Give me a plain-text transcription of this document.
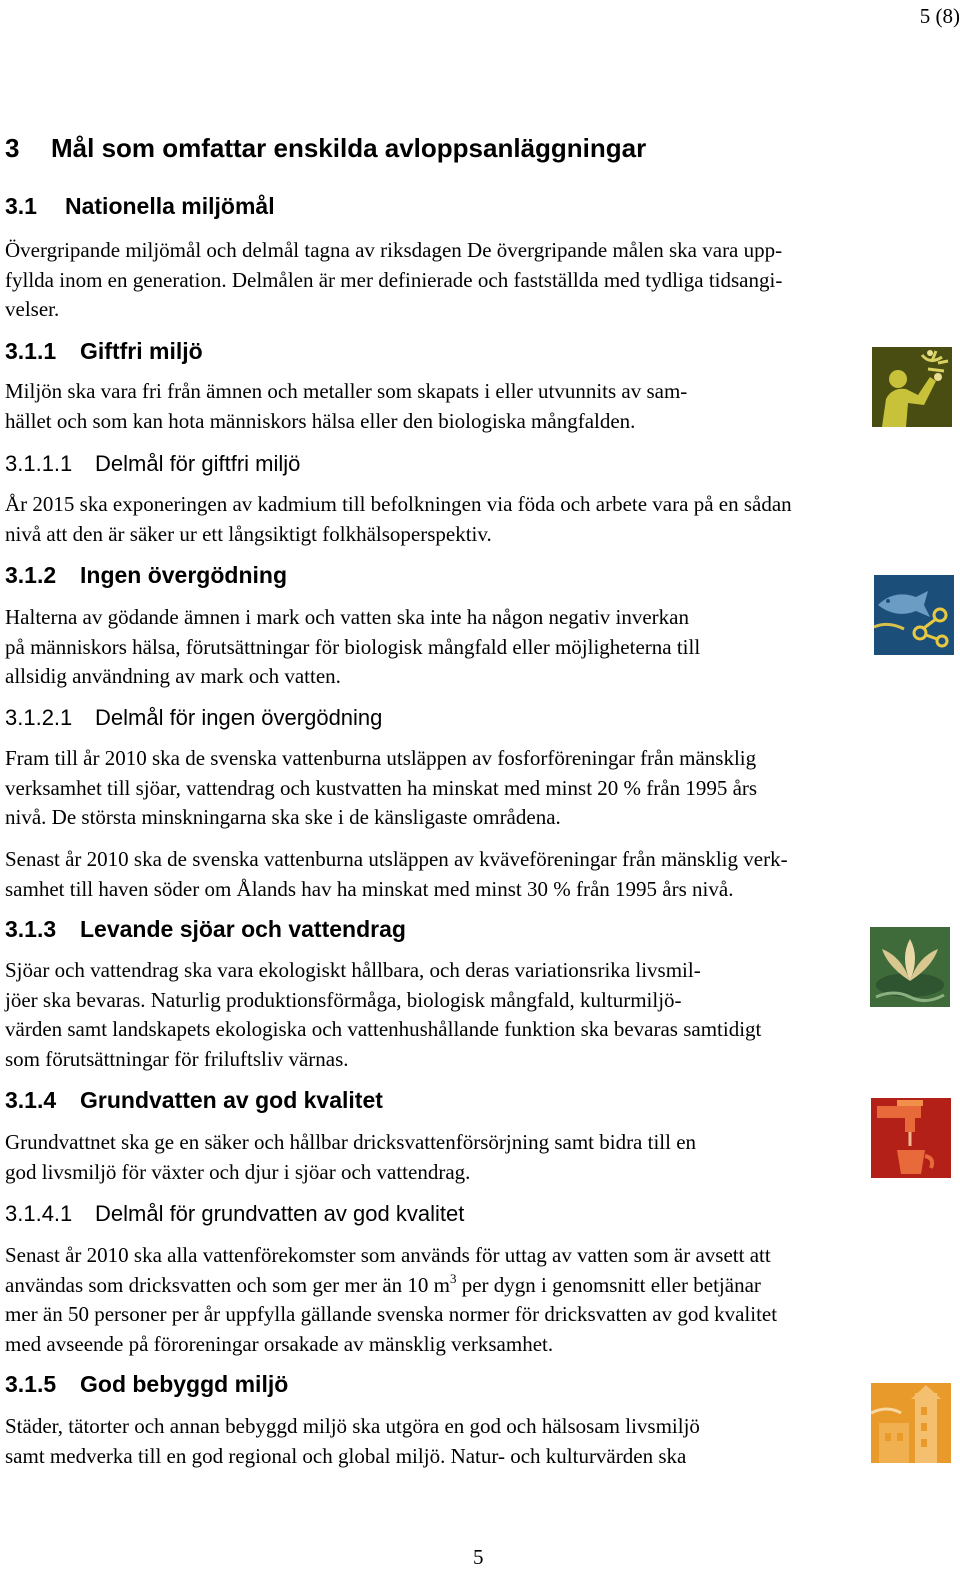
5 (8)
5
3 Mål som omfattar enskilda avloppsanläggningar
3.1 Nationella miljömål
Övergripande miljömål och delmål tagna av riksdagen De övergripande målen ska vara upp-
fyllda inom en generation. Delmålen är mer definierade och fastställda med tydliga tidsangi-
velser.
3.1.1 Giftfri miljö
Miljön ska vara fri från ämnen och metaller som skapats i eller utvunnits av sam-
hället och som kan hota människors hälsa eller den biologiska mångfalden.
3.1.1.1 Delmål för giftfri miljö
År 2015 ska exponeringen av kadmium till befolkningen via föda och arbete vara på en sådan
nivå att den är säker ur ett långsiktigt folkhälsoperspektiv.
3.1.2 Ingen övergödning
Halterna av gödande ämnen i mark och vatten ska inte ha någon negativ inverkan
på människors hälsa, förutsättningar för biologisk mångfald eller möjligheterna till
allsidig användning av mark och vatten.
3.1.2.1 Delmål för ingen övergödning
Fram till år 2010 ska de svenska vattenburna utsläppen av fosforföreningar från mänsklig
verksamhet till sjöar, vattendrag och kustvatten ha minskat med minst 20 % från 1995 års
nivå. De största minskningarna ska ske i de känsligaste områdena.
Senast år 2010 ska de svenska vattenburna utsläppen av kväveföreningar från mänsklig verk-
samhet till haven söder om Ålands hav ha minskat med minst 30 % från 1995 års nivå.
3.1.3 Levande sjöar och vattendrag
Sjöar och vattendrag ska vara ekologiskt hållbara, och deras variationsrika livsmil-
jöer ska bevaras. Naturlig produktionsförmåga, biologisk mångfald, kulturmiljö-
värden samt landskapets ekologiska och vattenhushållande funktion ska bevaras samtidigt
som förutsättningar för friluftsliv värnas.
3.1.4 Grundvatten av god kvalitet
Grundvattnet ska ge en säker och hållbar dricksvattenförsörjning samt bidra till en
god livsmiljö för växter och djur i sjöar och vattendrag.
3.1.4.1 Delmål för grundvatten av god kvalitet
Senast år 2010 ska alla vattenförekomster som används för uttag av vatten som är avsett att
användas som dricksvatten och som ger mer än 10 $m^3$ per dygn i genomsnitt eller betjänar
mer än 50 personer per år uppfylla gällande svenska normer för dricksvatten av god kvalitet
med avseende på föroreningar orsakade av mänsklig verksamhet.
3.1.5 God bebyggd miljö
Städer, tätorter och annan bebyggd miljö ska utgöra en god och hälsosam livsmiljö
samt medverka till en god regional och global miljö. Natur- och kulturvärden ska
